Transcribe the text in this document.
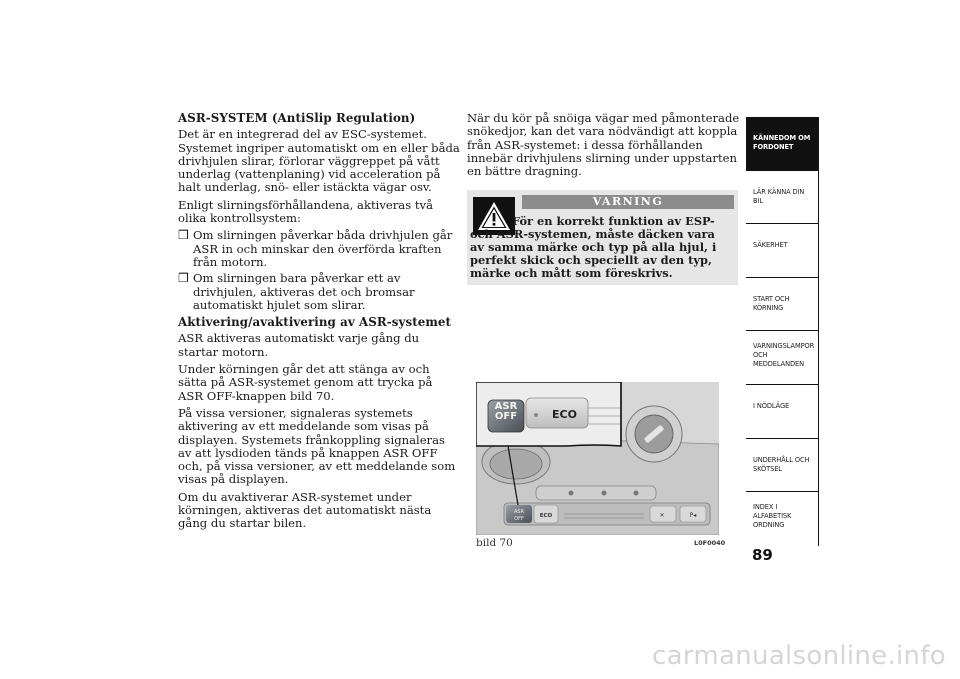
ASR-SYSTEM (AntiSlip Regulation)

Det är en integrerad del av ESC-systemet. Systemet ingriper automatiskt om en eller båda drivhjulen slirar, förlorar väggreppet på vått underlag (vattenplaning) vid acceleration på halt underlag, snö- eller istäckta vägar osv.

Enligt slirningsförhållandena, aktiveras två olika kontrollsystem:

❒ Om slirningen påverkar båda drivhjulen går ASR in och minskar den överförda kraften från motorn.
❒ Om slirningen bara påverkar ett av drivhjulen, aktiveras det och bromsar automatiskt hjulet som slirar.
Aktivering/avaktivering av ASR-systemet

ASR aktiveras automatiskt varje gång du startar motorn.

Under körningen går det att stänga av och sätta på ASR-systemet genom att trycka på ASR OFF-knappen bild 70.

På vissa versioner, signaleras systemets aktivering av ett meddelande som visas på displayen. Systemets frånkoppling signaleras av att lysdioden tänds på knappen ASR OFF och, på vissa versioner, av ett meddelande som visas på displayen.

Om du avaktiverar ASR-systemet under körningen, aktiveras det automatiskt nästa gång du startar bilen.

När du kör på snöiga vägar med påmonterade snökedjor, kan det vara nödvändigt att koppla från ASR-systemet: i dessa förhållanden innebär drivhjulens slirning under uppstarten en bättre dragning.

VARNING
För en korrekt funktion av ESP- och ASR-systemen, måste däcken vara
av samma märke och typ på alla hjul, i perfekt skick och speciellt av den typ, märke och mått som föreskrivs.
ASR
OFF	ECO	✕	P◂
ASR
OFF	ECO
bild 70	L0F0040
KÄNNEDOM OM
FORDONET
LÄR KÄNNA DIN
BIL
SÄKERHET
START OCH
KÖRNING
VARNINGSLAMPOR
OCH
MEDDELANDEN
I NÖDLÄGE
UNDERHÅLL OCH
SKÖTSEL
INDEX I
ALFABETISK
ORDNING
89
carmanualsonline.info
